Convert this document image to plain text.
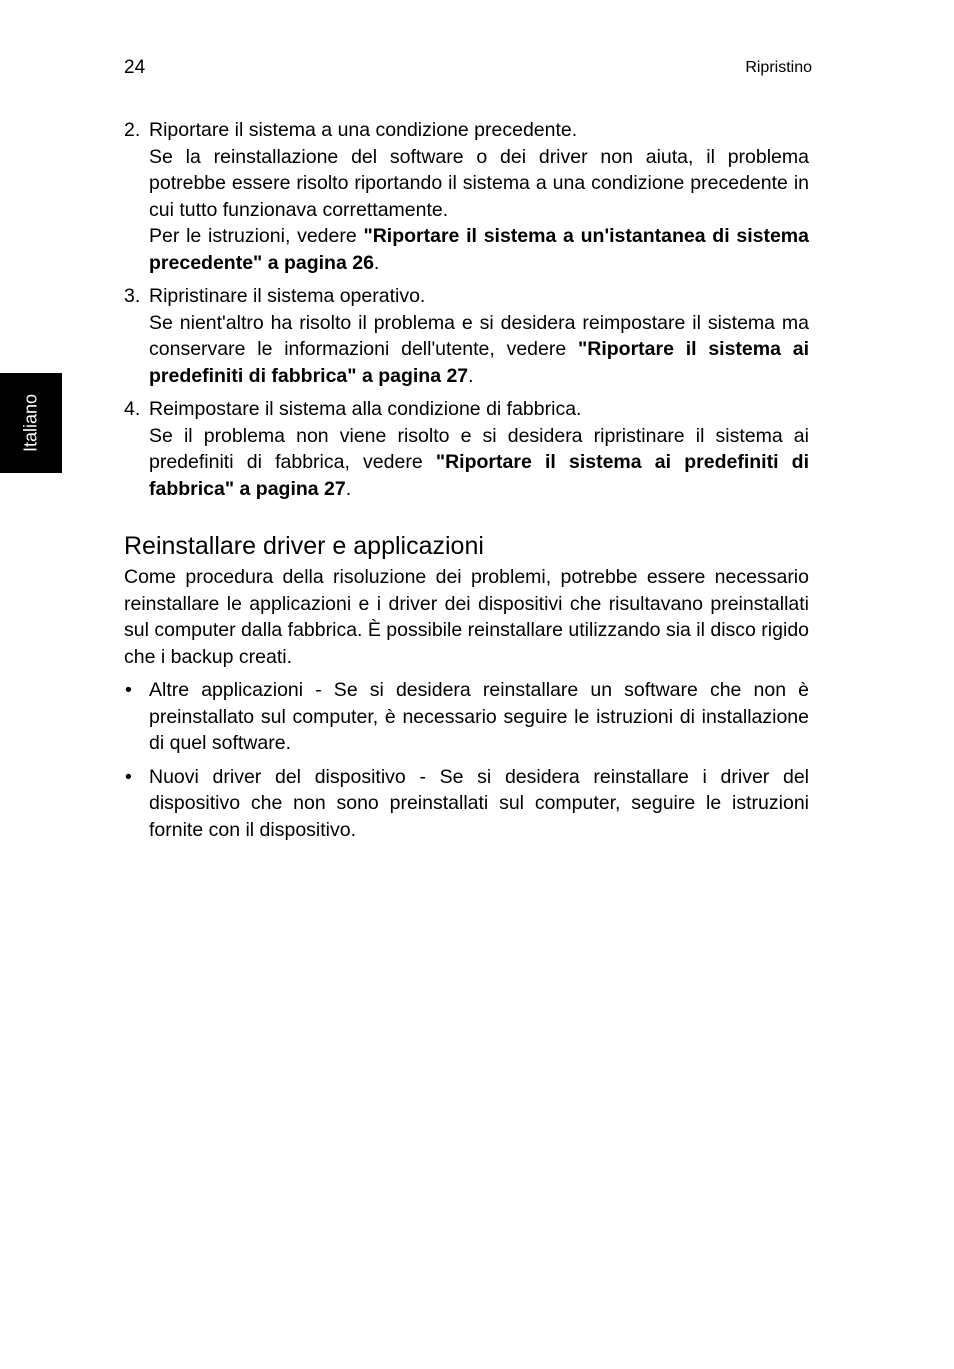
24	Ripristino
Italiano
2. Riportare il sistema a una condizione precedente.

Se la reinstallazione del software o dei driver non aiuta, il problema potrebbe essere risolto riportando il sistema a una condizione precedente in cui tutto funzionava correttamente.

Per le istruzioni, vedere "Riportare il sistema a un'istantanea di sistema precedente" a pagina 26.

3. Ripristinare il sistema operativo.

Se nient'altro ha risolto il problema e si desidera reimpostare il sistema ma conservare le informazioni dell'utente, vedere "Riportare il sistema ai predefiniti di fabbrica" a pagina 27.

4. Reimpostare il sistema alla condizione di fabbrica.

Se il problema non viene risolto e si desidera ripristinare il sistema ai predefiniti di fabbrica, vedere "Riportare il sistema ai predefiniti di fabbrica" a pagina 27.

Reinstallare driver e applicazioni

Come procedura della risoluzione dei problemi, potrebbe essere necessario reinstallare le applicazioni e i driver dei dispositivi che risultavano preinstallati sul computer dalla fabbrica. È possibile reinstallare utilizzando sia il disco rigido che i backup creati.

• Altre applicazioni - Se si desidera reinstallare un software che non è preinstallato sul computer, è necessario seguire le istruzioni di installazione di quel software.

• Nuovi driver del dispositivo - Se si desidera reinstallare i driver del dispositivo che non sono preinstallati sul computer, seguire le istruzioni fornite con il dispositivo.
